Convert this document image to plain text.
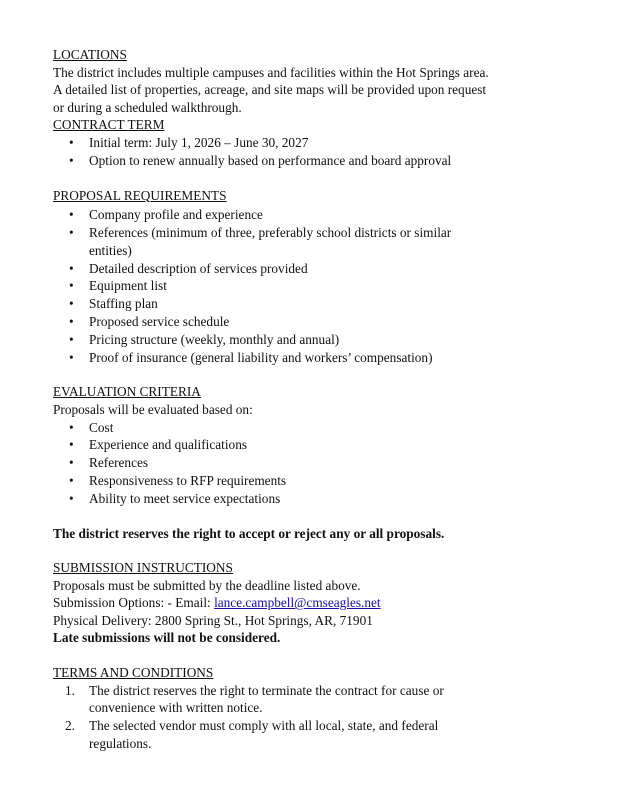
LOCATIONS

The district includes multiple campuses and facilities within the Hot Springs area.

A detailed list of properties, acreage, and site maps will be provided upon request

or during a scheduled walkthrough.

CONTRACT TERM
• Initial term: July 1, 2026 – June 30, 2027
• Option to renew annually based on performance and board approval
PROPOSAL REQUIREMENTS
• Company profile and experience
• References (minimum of three, preferably school districts or similar entities)
• Detailed description of services provided
• Equipment list
• Staffing plan
• Proposed service schedule
• Pricing structure (weekly, monthly and annual)
• Proof of insurance (general liability and workers’ compensation)
EVALUATION CRITERIA

Proposals will be evaluated based on:

• Cost
• Experience and qualifications
• References
• Responsiveness to RFP requirements
• Ability to meet service expectations
The district reserves the right to accept or reject any or all proposals.
SUBMISSION INSTRUCTIONS

Proposals must be submitted by the deadline listed above.

Submission Options: - Email: lance.campbell@cmseagles.net

Physical Delivery: 2800 Spring St., Hot Springs, AR, 71901

Late submissions will not be considered.

TERMS AND CONDITIONS
1. The district reserves the right to terminate the contract for cause or convenience with written notice.
2. The selected vendor must comply with all local, state, and federal regulations.
